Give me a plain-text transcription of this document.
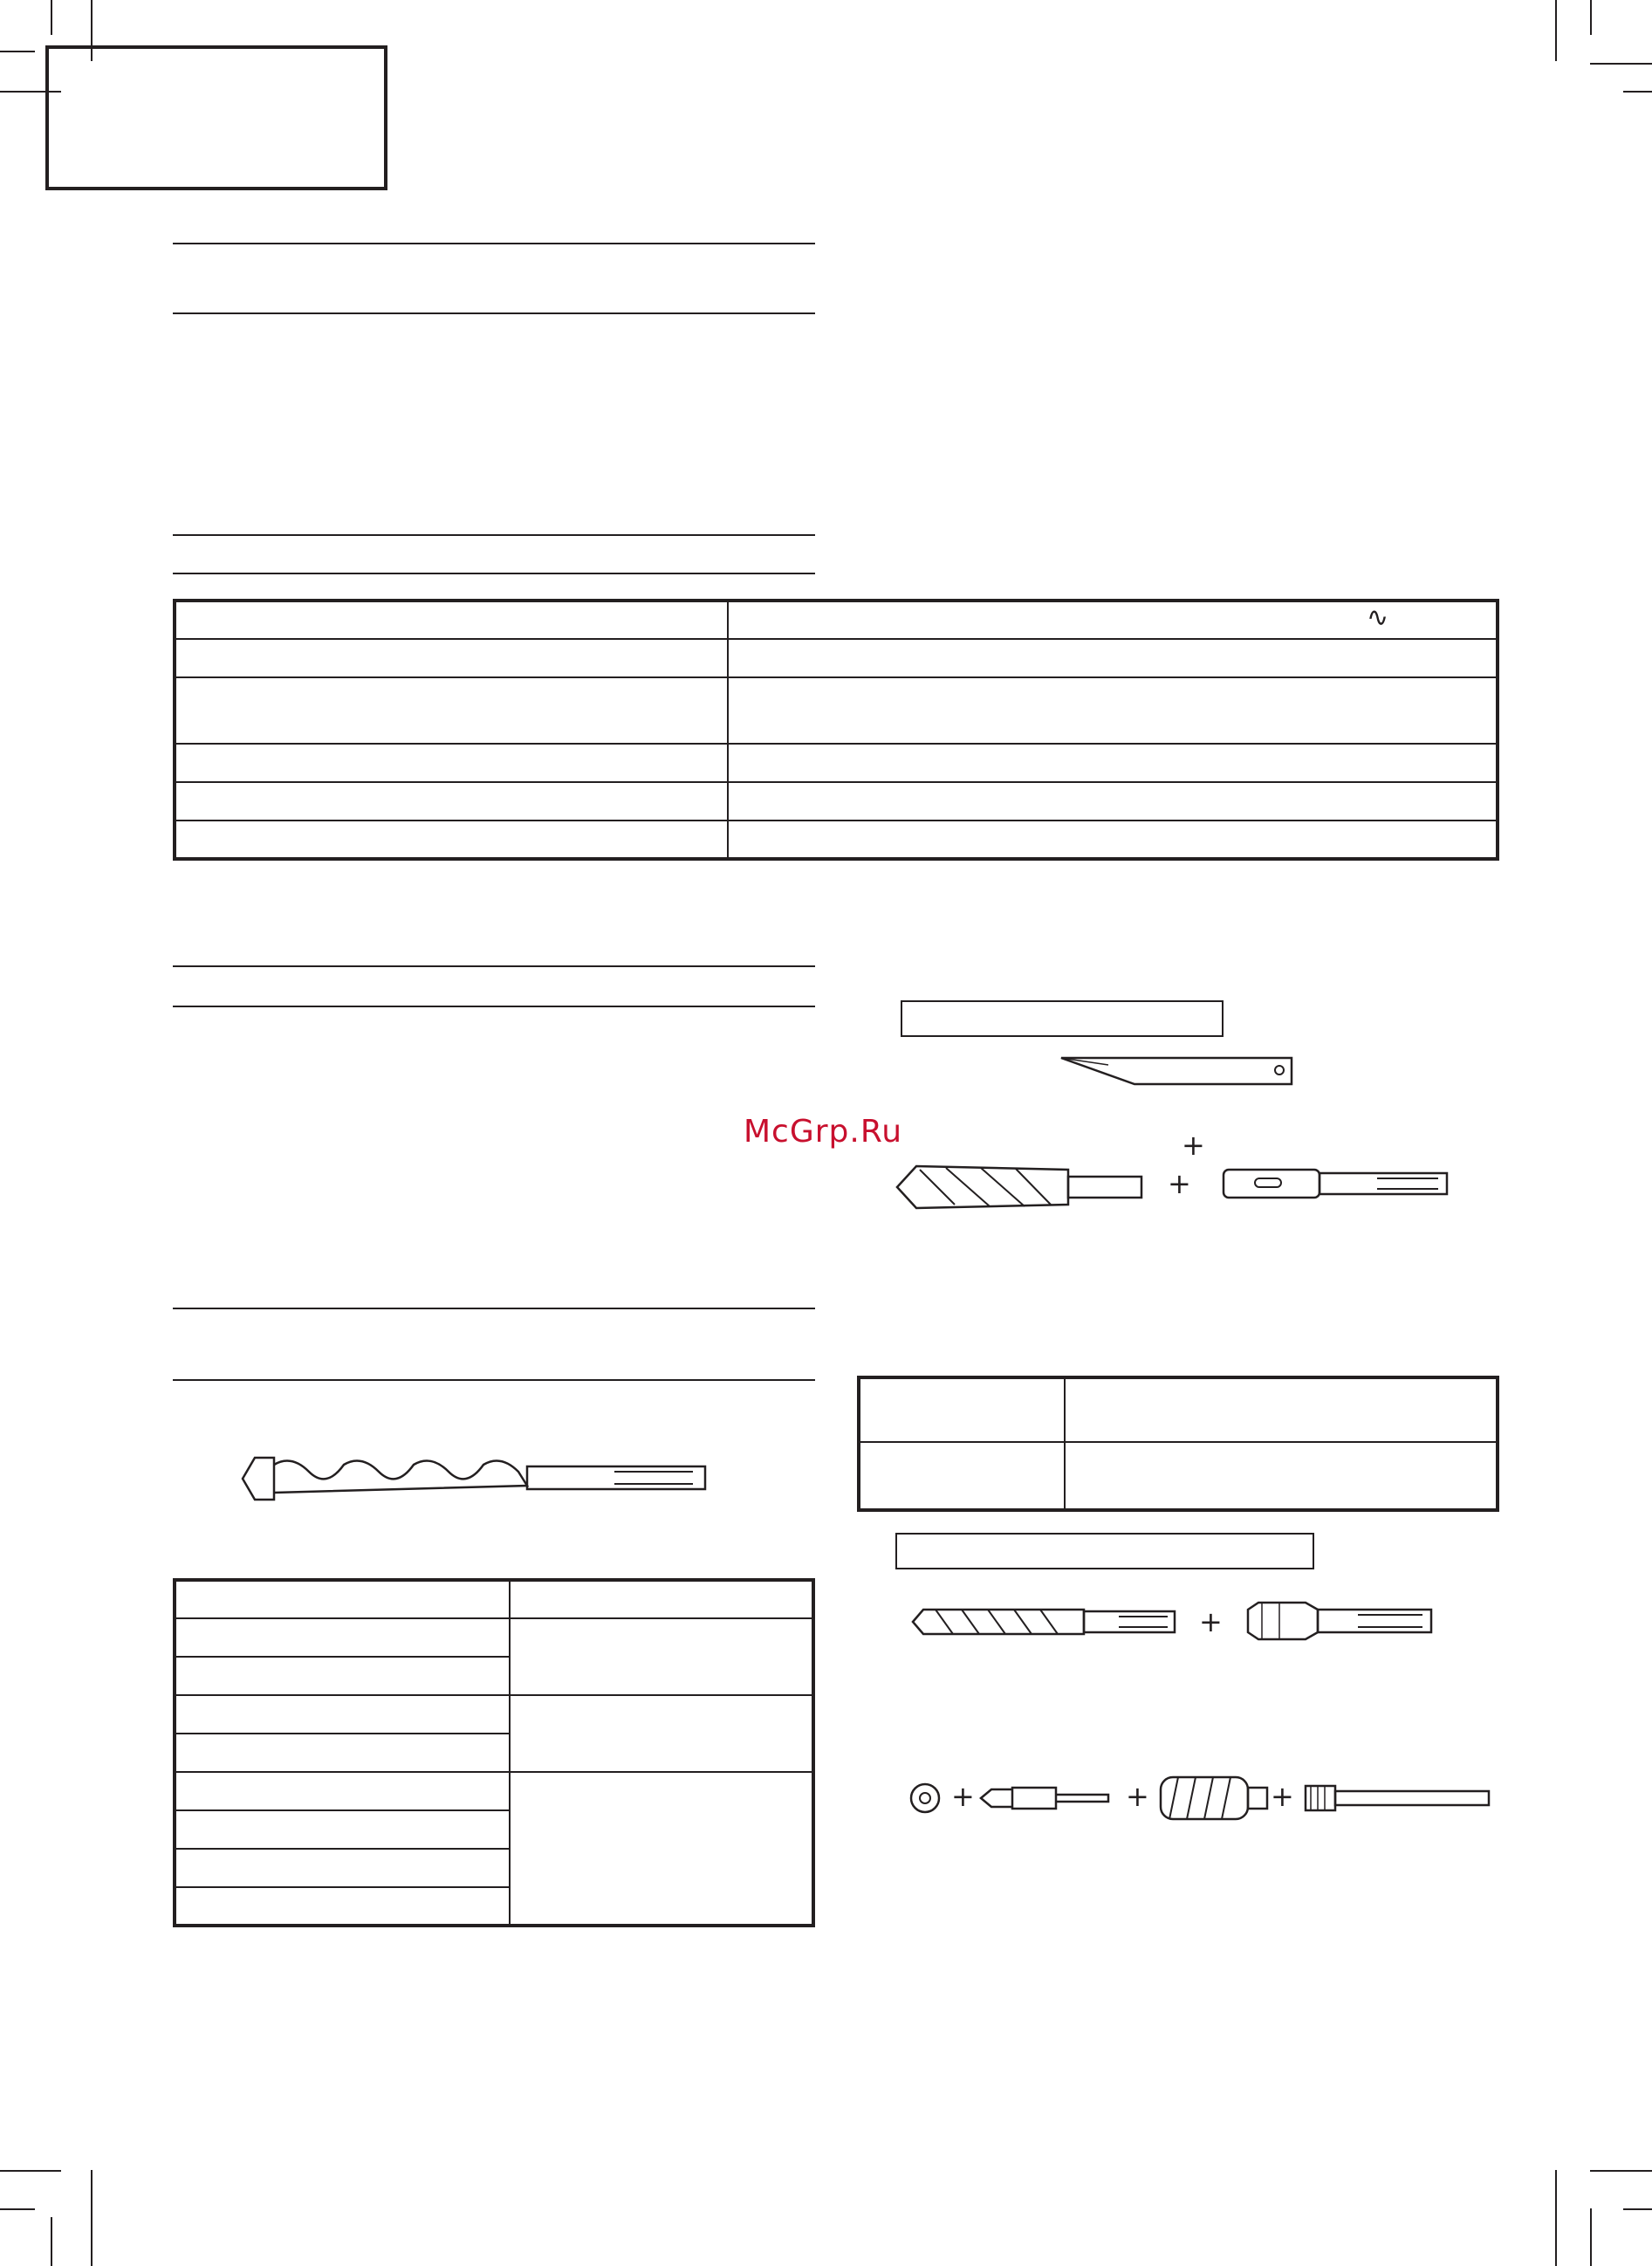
∿
McGrp.Ru	+
+

+
+	+	+
